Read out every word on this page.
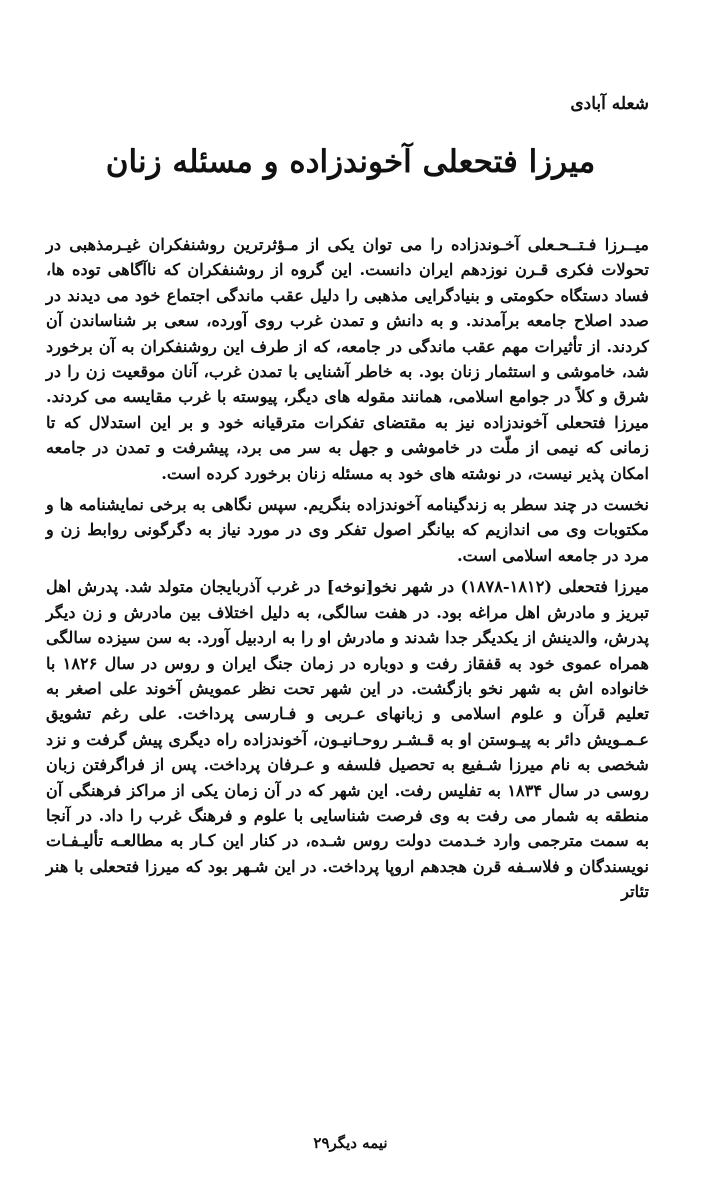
شعله آبادی
میرزا فتحعلی آخوندزاده و مسئله زنان

میــرزا فـتــحـعلی آخـوندزاده را می توان یکی از مـؤثرترین روشنفکران غیـرمذهبی در تحولات فکری قـرن نوزدهم ایران دانست. این گروه از روشنفکران که ناآگاهی توده ها، فساد دستگاه حکومتی و بنیادگرایی مذهبی را دلیل عقب ماندگی اجتماع خود می دیدند در صدد اصلاح جامعه برآمدند. و به دانش و تمدن غرب روی آورده، سعی بر شناساندن آن کردند. از تأثیرات مهم عقب ماندگی در جامعه، که از طرف این روشنفکران به آن برخورد شد، خاموشی و استثمار زنان بود. به خاطر آشنایی با تمدن غرب، آنان موقعیت زن را در شرق و کلاً در جوامع اسلامی، همانند مقوله های دیگر، پیوسته با غرب مقایسه می کردند. میرزا فتحعلی آخوندزاده نیز به مقتضای تفکرات مترقیانه خود و بر این استدلال که تا زمانی که نیمی از ملّت در خاموشی و جهل به سر می برد، پیشرفت و تمدن در جامعه امکان پذیر نیست، در نوشته های خود به مسئله زنان برخورد کرده است.

نخست در چند سطر به زندگینامه آخوندزاده بنگریم. سپس نگاهی به برخی نمایشنامه ها و مکتوبات وی می اندازیم که بیانگر اصول تفکر وی در مورد نیاز به دگرگونی روابط زن و مرد در جامعه اسلامی است.

میرزا فتحعلی (۱۸۱۲-۱۸۷۸) در شهر نخو[نوخه] در غرب آذربایجان متولد شد. پدرش اهل تبریز و مادرش اهل مراغه بود. در هفت سالگی، به دلیل اختلاف بین مادرش و زن دیگر پدرش، والدینش از یکدیگر جدا شدند و مادرش او را به اردبیل آورد. به سن سیزده سالگی همراه عموی خود به قفقاز رفت و دوباره در زمان جنگ ایران و روس در سال ۱۸۲۶ با خانواده اش به شهر نخو بازگشت. در این شهر تحت نظر عمویش آخوند علی اصغر به تعلیم قرآن و علوم اسلامی و زبانهای عـربی و فـارسی پرداخت. علی رغم تشویق عـمـویش دائر به پیـوستن او به قـشـر روحـانیـون، آخوندزاده راه دیگری پیش گرفت و نزد شخصی به نام میرزا شـفیع به تحصیل فلسفه و عـرفان پرداخت. پس از فراگرفتن زبان روسی در سال ۱۸۳۴ به تفلیس رفت. این شهر که در آن زمان یکی از مراکز فرهنگی آن منطقه به شمار می رفت به وی فرصت شناسایی با علوم و فرهنگ غرب را داد. در آنجا به سمت مترجمی وارد خـدمت دولت روس شـده، در کنار این کـار به مطالعـه تألیـفـات نویسندگان و فلاسـفه قرن هجدهم اروپا پرداخت. در این شـهر بود که میرزا فتحعلی با هنر تئاتر

نیمه دیگر۲۹
